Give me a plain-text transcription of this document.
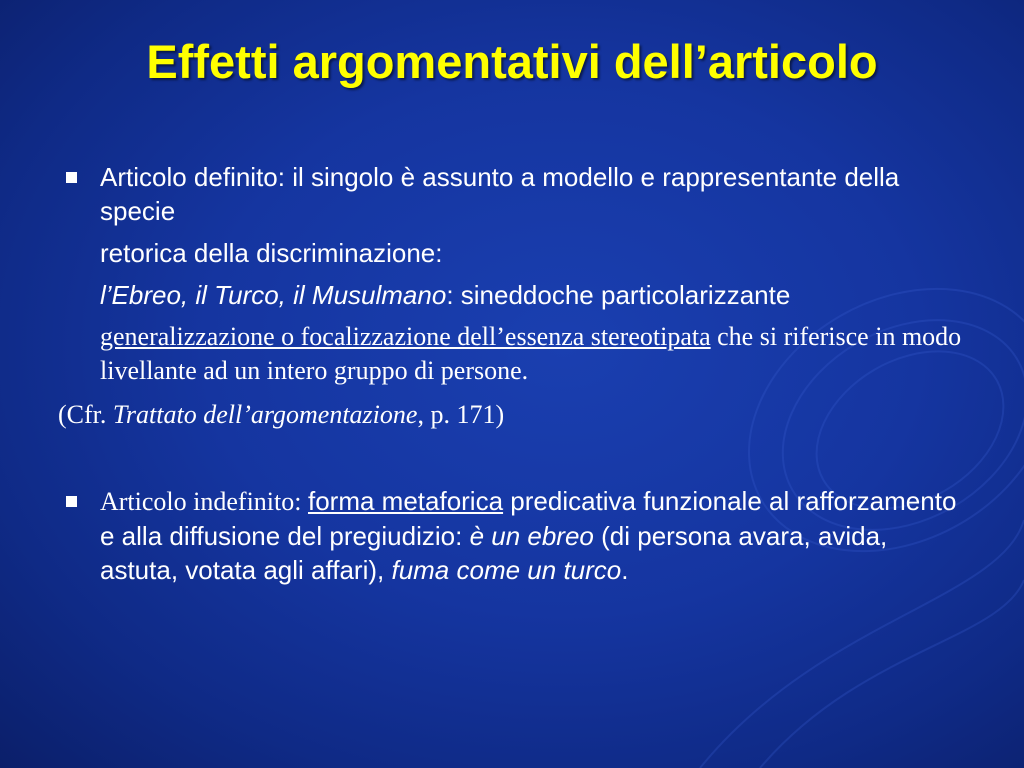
Effetti argomentativi dell’articolo
Articolo definito: il singolo è assunto a modello e rappresentante della specie
retorica della discriminazione:
l’Ebreo, il Turco, il Musulmano: sineddoche particolarizzante
generalizzazione o focalizzazione dell’essenza stereotipata che si riferisce in modo livellante ad un intero gruppo di persone.
(Cfr. Trattato dell’argomentazione, p. 171)
Articolo indefinito: forma metaforica predicativa funzionale al rafforzamento e alla diffusione del pregiudizio: è un ebreo (di persona avara, avida, astuta, votata agli affari), fuma come un turco.
